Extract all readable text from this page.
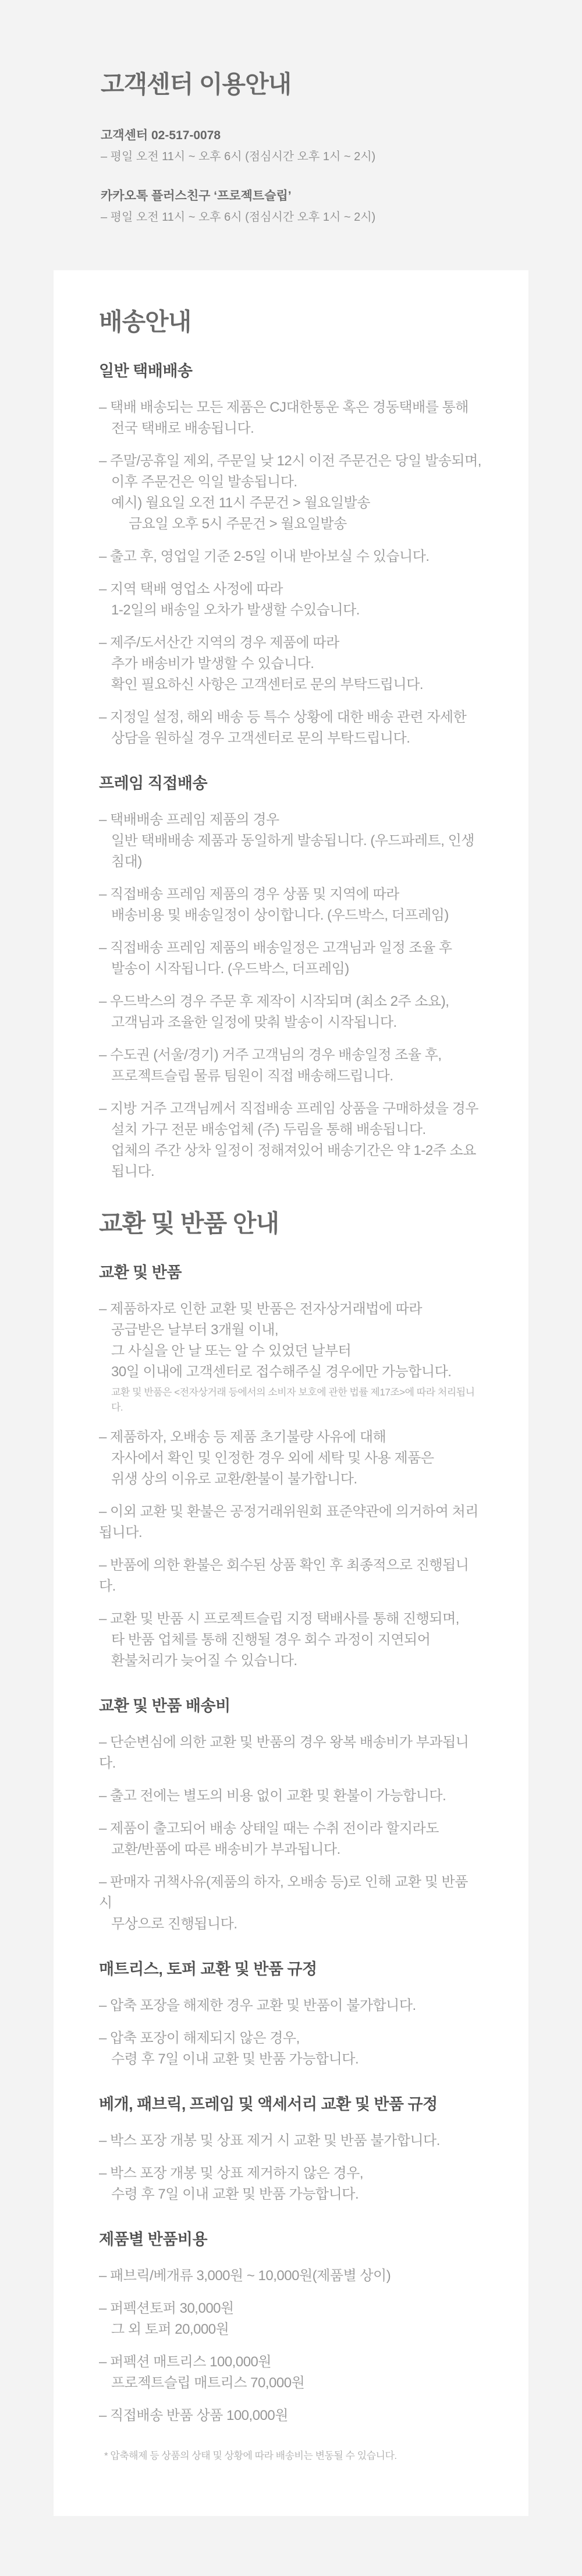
고객센터 이용안내
고객센터 02-517-0078
– 평일 오전 11시 ~ 오후 6시 (점심시간 오후 1시 ~ 2시)
카카오톡 플러스친구 ‘프로젝트슬립’
– 평일 오전 11시 ~ 오후 6시 (점심시간 오후 1시 ~ 2시)
배송안내
일반 택배배송
– 택배 배송되는 모든 제품은 CJ대한통운 혹은 경동택배를 통해
전국 택배로 배송됩니다.
– 주말/공휴일 제외, 주문일 낮 12시 이전 주문건은 당일 발송되며,
이후 주문건은 익일 발송됩니다.
예시) 월요일 오전 11시 주문건 > 월요일발송
금요일 오후 5시 주문건 > 월요일발송
– 출고 후, 영업일 기준 2-5일 이내 받아보실 수 있습니다.
– 지역 택배 영업소 사정에 따라
1-2일의 배송일 오차가 발생할 수있습니다.
– 제주/도서산간 지역의 경우 제품에 따라
추가 배송비가 발생할 수 있습니다.
확인 필요하신 사항은 고객센터로 문의 부탁드립니다.
– 지정일 설정, 해외 배송 등 특수 상황에 대한 배송 관련 자세한
상담을 원하실 경우 고객센터로 문의 부탁드립니다.
프레임 직접배송
– 택배배송 프레임 제품의 경우
일반 택배배송 제품과 동일하게 발송됩니다. (우드파레트, 인생침대)
– 직접배송 프레임 제품의 경우 상품 및 지역에 따라
배송비용 및 배송일정이 상이합니다. (우드박스, 더프레임)
– 직접배송 프레임 제품의 배송일정은 고객님과 일정 조율 후
발송이 시작됩니다. (우드박스, 더프레임)
– 우드박스의 경우 주문 후 제작이 시작되며 (최소 2주 소요),
고객님과 조율한 일정에 맞춰 발송이 시작됩니다.
– 수도권 (서울/경기) 거주 고객님의 경우 배송일정 조율 후,
프로젝트슬립 물류 팀원이 직접 배송해드립니다.
– 지방 거주 고객님께서 직접배송 프레임 상품을 구매하셨을 경우
설치 가구 전문 배송업체 (주) 두림을 통해 배송됩니다.
업체의 주간 상차 일정이 정해져있어 배송기간은 약 1-2주 소요됩니다.
교환 및 반품 안내
교환 및 반품
– 제품하자로 인한 교환 및 반품은 전자상거래법에 따라
공급받은 날부터 3개월 이내,
그 사실을 안 날 또는 알 수 있었던 날부터
30일 이내에 고객센터로 접수해주실 경우에만 가능합니다.
교환 및 반품은 <전자상거래 등에서의 소비자 보호에 관한 법률 제17조>에 따라 처리됩니다.
– 제품하자, 오배송 등 제품 초기불량 사유에 대해
자사에서 확인 및 인정한 경우 외에 세탁 및 사용 제품은
위생 상의 이유로 교환/환불이 불가합니다.
– 이외 교환 및 환불은 공정거래위원회 표준약관에 의거하여 처리됩니다.
– 반품에 의한 환불은 회수된 상품 확인 후 최종적으로 진행됩니다.
– 교환 및 반품 시 프로젝트슬립 지정 택배사를 통해 진행되며,
타 반품 업체를 통해 진행될 경우 회수 과정이 지연되어
환불처리가 늦어질 수 있습니다.
교환 및 반품 배송비
– 단순변심에 의한 교환 및 반품의 경우 왕복 배송비가 부과됩니다.
– 출고 전에는 별도의 비용 없이 교환 및 환불이 가능합니다.
– 제품이 출고되어 배송 상태일 때는 수취 전이라 할지라도
교환/반품에 따른 배송비가 부과됩니다.
– 판매자 귀책사유(제품의 하자, 오배송 등)로 인해 교환 및 반품 시
무상으로 진행됩니다.
매트리스, 토퍼 교환 및 반품 규정
– 압축 포장을 해제한 경우 교환 및 반품이 불가합니다.
– 압축 포장이 해제되지 않은 경우,
수령 후 7일 이내 교환 및 반품 가능합니다.
베개, 패브릭, 프레임 및 액세서리 교환 및 반품 규정
– 박스 포장 개봉 및 상표 제거 시 교환 및 반품 불가합니다.
– 박스 포장 개봉 및 상표 제거하지 않은 경우,
수령 후 7일 이내 교환 및 반품 가능합니다.
제품별 반품비용
– 패브릭/베개류 3,000원 ~ 10,000원(제품별 상이)
– 퍼펙션토퍼 30,000원
그 외 토퍼 20,000원
– 퍼펙션 매트리스 100,000원
프로젝트슬립 매트리스 70,000원
– 직접배송 반품 상품 100,000원
* 압축해제 등 상품의 상태 및 상황에 따라 배송비는 변동될 수 있습니다.
